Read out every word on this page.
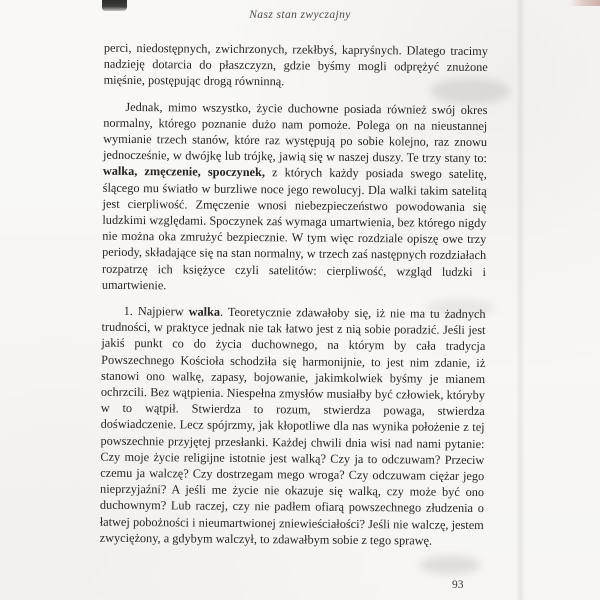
Nasz stan zwyczajny

perci, niedostępnych, zwichrzonych, rzekłbyś, kapryśnych. Dlatego tracimy nadzieję dotarcia do płaszczyzn, gdzie byśmy mogli odprężyć znużone mięśnie, postępując drogą równinną.

Jednak, mimo wszystko, życie duchowne posiada również swój okres normalny, którego poznanie dużo nam pomoże. Polega on na nieustannej wymianie trzech stanów, które raz występują po sobie kolejno, raz znowu jednocześnie, w dwójkę lub trójkę, jawią się w naszej duszy. Te trzy stany to: walka, zmęczenie, spoczynek, z których każdy posiada swego satelitę, ślącego mu światło w burzliwe noce jego rewolucyj. Dla walki takim satelitą jest cierpliwość. Zmęczenie wnosi niebezpieczeństwo powodowania się ludzkimi względami. Spoczynek zaś wymaga umartwienia, bez którego nigdy nie można oka zmrużyć bezpiecznie. W tym więc rozdziale opiszę owe trzy periody, składające się na stan normalny, w trzech zaś następnych rozdziałach rozpatrzę ich księżyce czyli satelitów: cierpliwość, wzgląd ludzki i umartwienie.

1. Najpierw walka. Teoretycznie zdawałoby się, iż nie ma tu żadnych trudności, w praktyce jednak nie tak łatwo jest z nią sobie poradzić. Jeśli jest jakiś punkt co do życia duchownego, na którym by cała tradycja Powszechnego Kościoła schodziła się harmonijnie, to jest nim zdanie, iż stanowi ono walkę, zapasy, bojowanie, jakimkolwiek byśmy je mianem ochrzcili. Bez wątpienia. Niespełna zmysłów musiałby być człowiek, któryby w to wątpił. Stwierdza to rozum, stwierdza powaga, stwierdza doświadczenie. Lecz spójrzmy, jak kłopotliwe dla nas wynika położenie z tej powszechnie przyjętej przesłanki. Każdej chwili dnia wisi nad nami pytanie: Czy moje życie religijne istotnie jest walką? Czy ja to odczuwam? Przeciw czemu ja walczę? Czy dostrzegam mego wroga? Czy odczuwam ciężar jego nieprzyjaźni? A jeśli me życie nie okazuje się walką, czy może być ono duchownym? Lub raczej, czy nie padłem ofiarą powszechnego złudzenia o łatwej pobożności i nieumartwionej zniewieściałości? Jeśli nie walczę, jestem zwyciężony, a gdybym walczył, to zdawałbym sobie z tego sprawę.

93
